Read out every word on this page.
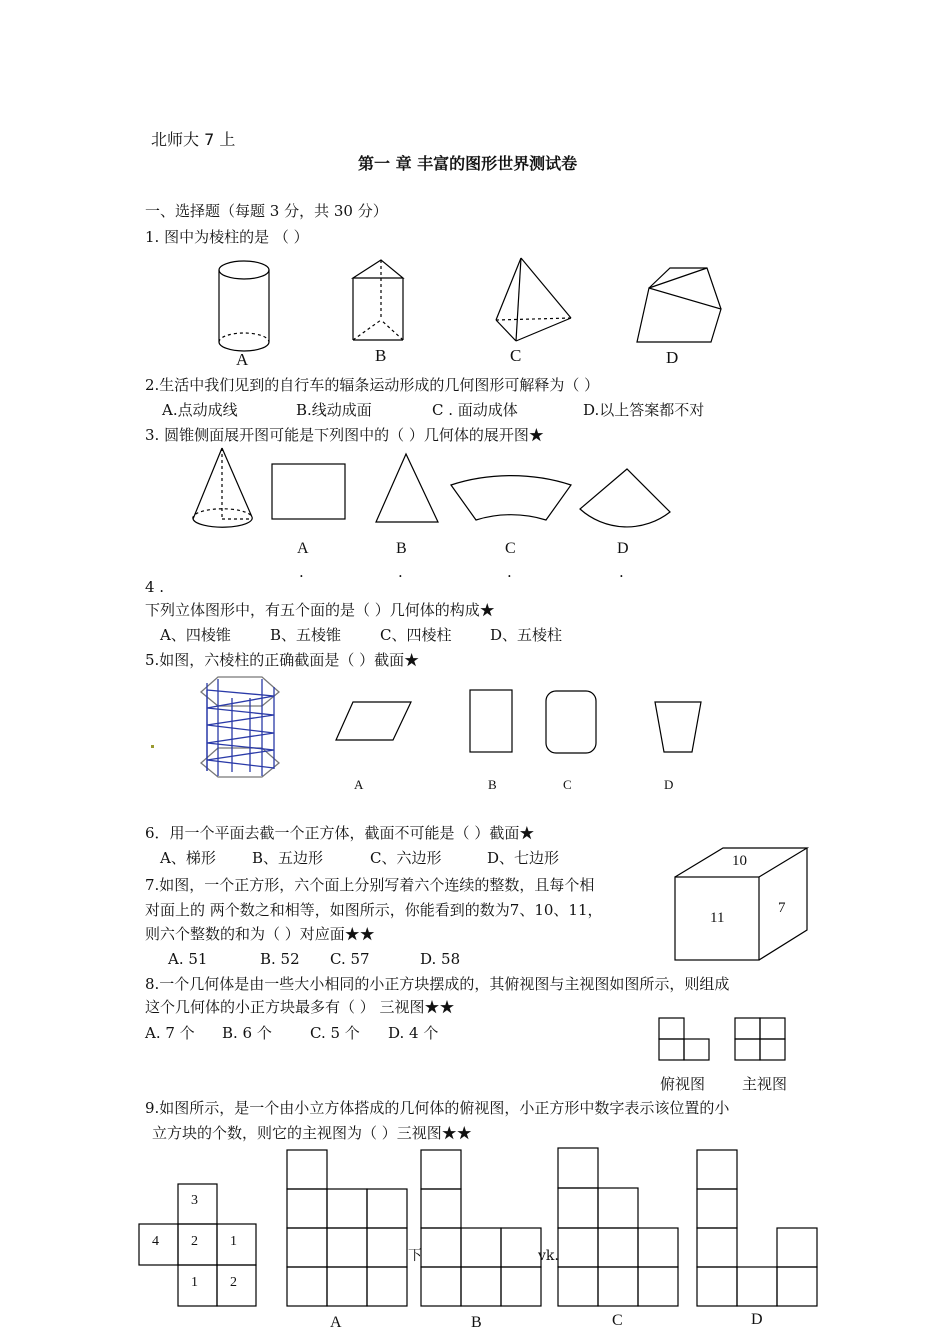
北师大 7 上
第一 章 丰富的图形世界测试卷
一、选择题（每题 3 分，共 30 分）
1. 图中为棱柱的是 （ ）
A	B	C	D
2.生活中我们见到的自行车的辐条运动形成的几何图形可解释为（ ）
A.点动成线	B.线动成面	C . 面动成体	D.以上答案都不对
3. 圆锥侧面展开图可能是下列图中的（ ）几何体的展开图★
A	B	C	D
.	.	.	.
4 .
下列立体图形中，有五个面的是（ ）几何体的构成★
A、四棱锥	B、五棱锥	C、四棱柱	D、五棱柱
5.如图，六棱柱的正确截面是（ ）截面★
A	B	C	D
6．用一个平面去截一个正方体，截面不可能是（ ）截面★
A、梯形 B、五边形	C、六边形	D、七边形	10
11
7
7.如图，一个正方形，六个面上分别写着六个连续的整数，且每个相
对面上的 两个数之和相等，如图所示，你能看到的数为7、10、11，
则六个整数的和为（ ）对应面★★
A. 51	B. 52 C. 57	D. 58
8.一个几何体是由一些大小相同的小正方块摆成的，其俯视图与主视图如图所示，则组成
这个几何体的小正方块最多有（ ） 三视图★★
A. 7 个 B. 6 个	C. 5 个 D. 4 个
俯视图 主视图
9.如图所示，是一个由小立方体搭成的几何体的俯视图，小正方形中数字表示该位置的小
立方块的个数，则它的主视图为（ ）三视图★★
3
4 2 1
1 2
下	vk.
A	B	C	D
